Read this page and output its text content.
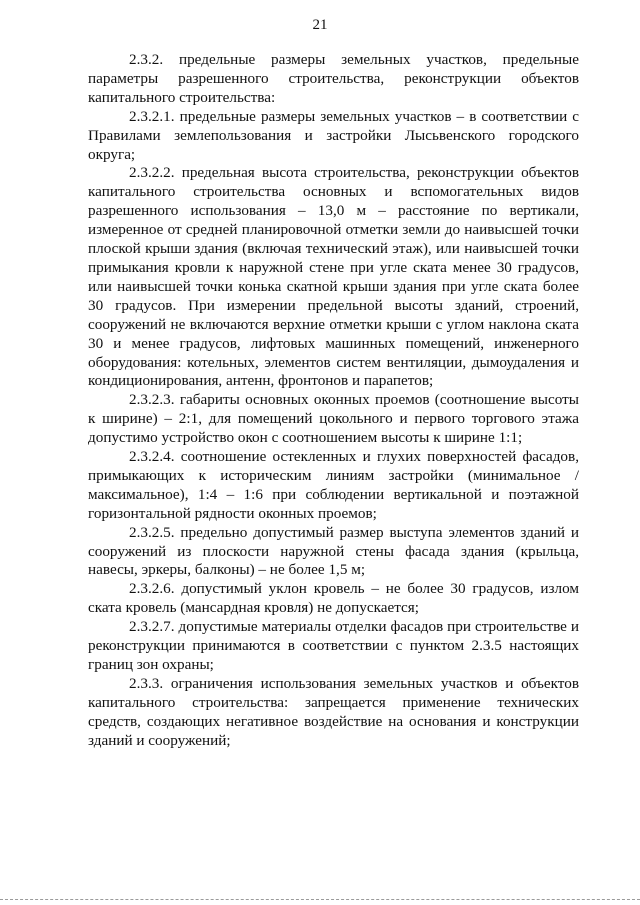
21

2.3.2. предельные размеры земельных участков, предельные параметры разрешенного строительства, реконструкции объектов капитального строительства:

2.3.2.1. предельные размеры земельных участков – в соответствии с Правилами землепользования и застройки Лысьвенского городского округа;

2.3.2.2. предельная высота строительства, реконструкции объектов капитального строительства основных и вспомогательных видов разрешенного использования – 13,0 м – расстояние по вертикали, измеренное от средней планировочной отметки земли до наивысшей точки плоской крыши здания (включая технический этаж), или наивысшей точки примыкания кровли к наружной стене при угле ската менее 30 градусов, или наивысшей точки конька скатной крыши здания при угле ската более 30 градусов. При измерении предельной высоты зданий, строений, сооружений не включаются верхние отметки крыши с углом наклона ската 30 и менее градусов, лифтовых машинных помещений, инженерного оборудования: котельных, элементов систем вентиляции, дымоудаления и кондиционирования, антенн, фронтонов и парапетов;

2.3.2.3. габариты основных оконных проемов (соотношение высоты к ширине) – 2:1, для помещений цокольного и первого торгового этажа допустимо устройство окон с соотношением высоты к ширине 1:1;

2.3.2.4. соотношение остекленных и глухих поверхностей фасадов, примыкающих к историческим линиям застройки (минимальное / максимальное), 1:4 – 1:6 при соблюдении вертикальной и поэтажной горизонтальной рядности оконных проемов;

2.3.2.5. предельно допустимый размер выступа элементов зданий и сооружений из плоскости наружной стены фасада здания (крыльца, навесы, эркеры, балконы) – не более 1,5 м;

2.3.2.6. допустимый уклон кровель – не более 30 градусов, излом ската кровель (мансардная кровля) не допускается;

2.3.2.7. допустимые материалы отделки фасадов при строительстве и реконструкции принимаются в соответствии с пунктом 2.3.5 настоящих границ зон охраны;

2.3.3. ограничения использования земельных участков и объектов капитального строительства: запрещается применение технических средств, создающих негативное воздействие на основания и конструкции зданий и сооружений;
